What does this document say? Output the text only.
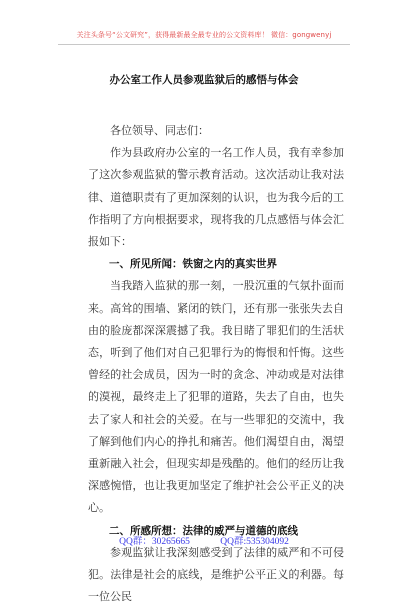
关注头条号“公文研究”，获得最新最全最专业的公文资料库！ 微信：gongwenyj
办公室工作人员参观监狱后的感悟与体会

各位领导、同志们：

作为县政府办公室的一名工作人员，我有幸参加了这次参观监狱的警示教育活动。这次活动让我对法律、道德职责有了更加深刻的认识，也为我今后的工作指明了方向根据要求，现将我的几点感悟与体会汇报如下：

一、所见所闻：铁窗之内的真实世界

当我踏入监狱的那一刻，一股沉重的气氛扑面而来。高耸的围墙、紧闭的铁门，还有那一张张失去自由的脸庞都深深震撼了我。我目睹了罪犯们的生活状态，听到了他们对自己犯罪行为的悔恨和忏悔。这些曾经的社会成员，因为一时的贪念、冲动或是对法律的漠视，最终走上了犯罪的道路，失去了自由，也失去了家人和社会的关爱。在与一些罪犯的交流中，我了解到他们内心的挣扎和痛苦。他们渴望自由，渴望重新融入社会，但现实却是残酷的。他们的经历让我深感惋惜，也让我更加坚定了维护社会公平正义的决心。

二、所感所想：法律的威严与道德的底线

参观监狱让我深刻感受到了法律的威严和不可侵犯。法律是社会的底线，是维护公平正义的利器。每一位公民

QQ群：30265665	QQ群:535304092
